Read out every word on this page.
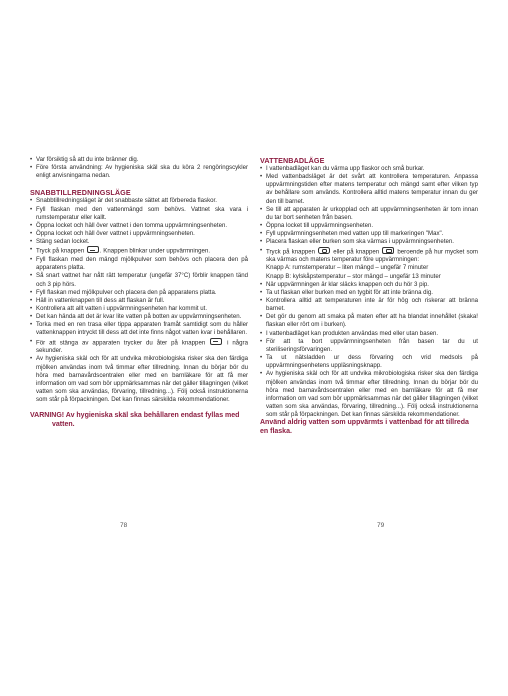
• Var försiktig så att du inte bränner dig.
• Före första användning: Av hygieniska skäl ska du köra 2 rengöringscykler enligt anvisningarna nedan.

SNABBTILLREDNINGSLÄGE

• Snabbtillredningsläget är det snabbaste sättet att förbereda flaskor.
• Fyll flaskan med den vattenmängd som behövs. Vattnet ska vara i rumstemperatur eller kallt.
• Öppna locket och häll över vattnet i den tomma uppvärmningsenheten.
• Öppna locket och häll över vattnet i uppvärmningsenheten.
• Stäng sedan locket.
• Tryck på knappen	. Knappen blinkar under uppvärmningen.
• Fyll flaskan med den mängd mjölkpulver som behövs och placera den på apparatens platta.
• Så snart vattnet har nått rätt temperatur (ungefär 37°C) förblir knappen tänd och 3 pip hörs.
• Fyll flaskan med mjölkpulver och placera den på apparatens platta.
• Häll in vattenknappen till dess att flaskan är full.
• Kontrollera att allt vatten i uppvärmningsenheten har kommit ut.
• Det kan hända att det är kvar lite vatten på botten av uppvärmningsenheten.
• Torka med en ren trasa eller tippa apparaten framåt samtidigt som du håller vattenknappen intryckt till dess att det inte finns något vatten kvar i behållaren.
• För att stänga av apparaten trycker du åter på knappen	i några sekunder.
• Av hygieniska skäl och för att undvika mikrobiologiska risker ska den färdiga mjölken användas inom två timmar efter tillredning. Innan du börjar bör du höra med barnavårdscentralen eller med en barnläkare för att få mer information om vad som bör uppmärksammas när det gäller tillagningen (vilket vatten som ska användas, förvaring, tillredning...). Följ också instruktionerna som står på förpackningen. Det kan finnas särskilda rekommendationer.

VARNING! Av hygieniska skäl ska behållaren endast fyllas med
vatten.

VATTENBADLÄGE

• I vattenbadläget kan du värma upp flaskor och små burkar.
• Med vattenbadsläget är det svårt att kontrollera temperaturen. Anpassa uppvärmningstiden efter matens temperatur och mängd samt efter vilken typ av behållare som används. Kontrollera alltid matens temperatur innan du ger den till barnet.
• Se till att apparaten är urkopplad och att uppvärmningsenheten är tom innan du tar bort senheten från basen.
• Öppna locket till uppvärmningsenheten.
• Fyll uppvärmningsenheten med vatten upp till markeringen "Max".
• Placera flaskan eller burken som ska värmas i uppvärmningsenheten.
• Tryck på knappen	eller på knappen	beroende på hur mycket som ska värmas och matens temperatur före uppvärmningen:
Knapp A: rumstemperatur – liten mängd – ungefär 7 minuter
Knapp B: kylskåpstemperatur – stor mängd – ungefär 13 minuter
• När uppvärmningen är klar släcks knappen och du hör 3 pip.
• Ta ut flaskan eller burken med en tygbit för att inte bränna dig.
• Kontrollera alltid att temperaturen inte är för hög och riskerar att bränna barnet.
• Det gör du genom att smaka på maten efter att ha blandat innehållet (skaka! flaskan eller rört om i burken).
• I vattenbadläget kan produkten användas med eller utan basen.
• För att ta bort uppvärmningsenheten från basen tar du ut steriliseringsförvaringen.
• Ta ut nätsladden ur dess förvaring och vrid medsols på uppvärmningsenhetens uppläsningsknapp.
• Av hygieniska skäl och för att undvika mikrobiologiska risker ska den färdiga mjölken användas inom två timmar efter tillredning. Innan du börjar bör du höra med barnavårdscentralen eller med en barnläkare för att få mer information om vad som bör uppmärksammas när det gäller tillagningen (vilket vatten som ska användas, förvaring, tillredning...). Följ också instruktionerna som står på förpackningen. Det kan finnas särskilda rekommendationer.

Använd aldrig vatten som uppvärmts i vattenbad för att tillreda en flaska.

78	79
